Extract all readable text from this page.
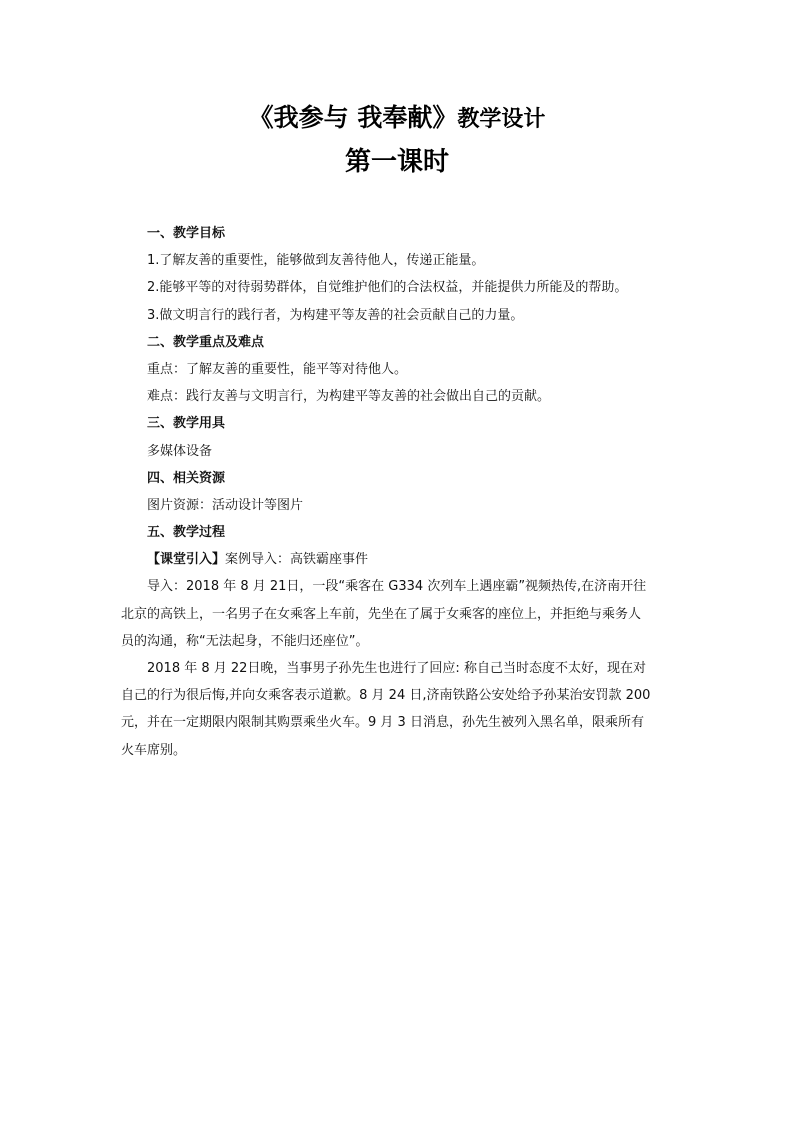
《我参与 我奉献》教学设计
第一课时
一、教学目标
1.了解友善的重要性，能够做到友善待他人，传递正能量。
2.能够平等的对待弱势群体，自觉维护他们的合法权益，并能提供力所能及的帮助。
3.做文明言行的践行者，为构建平等友善的社会贡献自己的力量。
二、教学重点及难点
重点：了解友善的重要性，能平等对待他人。
难点：践行友善与文明言行，为构建平等友善的社会做出自己的贡献。
三、教学用具
多媒体设备
四、相关资源
图片资源：活动设计等图片
五、教学过程
【课堂引入】案例导入：高铁霸座事件
导入：2018 年 8 月 21日，一段“乘客在 G334 次列车上遇座霸”视频热传,在济南开往
北京的高铁上，一名男子在女乘客上车前，先坐在了属于女乘客的座位上，并拒绝与乘务人
员的沟通，称“无法起身，不能归还座位”。
2018 年 8 月 22日晚，当事男子孙先生也进行了回应: 称自己当时态度不太好，现在对
自己的行为很后悔,并向女乘客表示道歉。8 月 24 日,济南铁路公安处给予孙某治安罚款 200
元，并在一定期限内限制其购票乘坐火车。9 月 3 日消息，孙先生被列入黑名单，限乘所有
火车席别。
